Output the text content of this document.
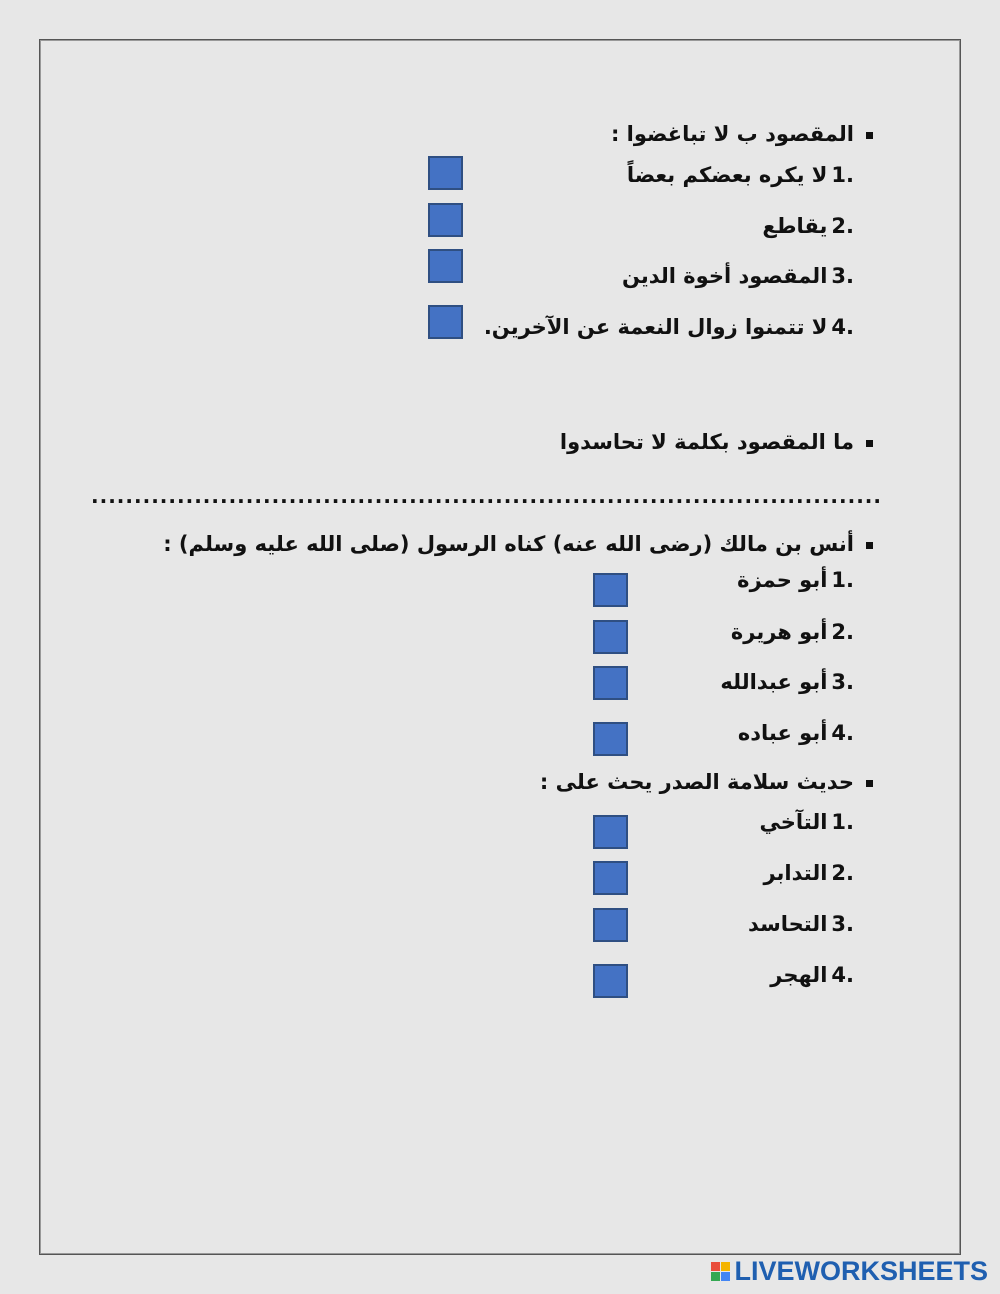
المقصود ب لا تباغضوا :
1.لا يكره بعضكم بعضاً
2.يقاطع
3.المقصود أخوة الدين
4.لا تتمنوا زوال النعمة عن الآخرين.
ما المقصود بكلمة لا تحاسدوا
............................................................................................
أنس بن مالك (رضى الله عنه) كناه الرسول (صلى الله عليه وسلم) :
1.أبو حمزة
2.أبو هريرة
3.أبو عبدالله
4.أبو عباده
حديث سلامة الصدر يحث على :
1.التآخي
2.التدابر
3.التحاسد
4.الهجر
LIVEWORKSHEETS
